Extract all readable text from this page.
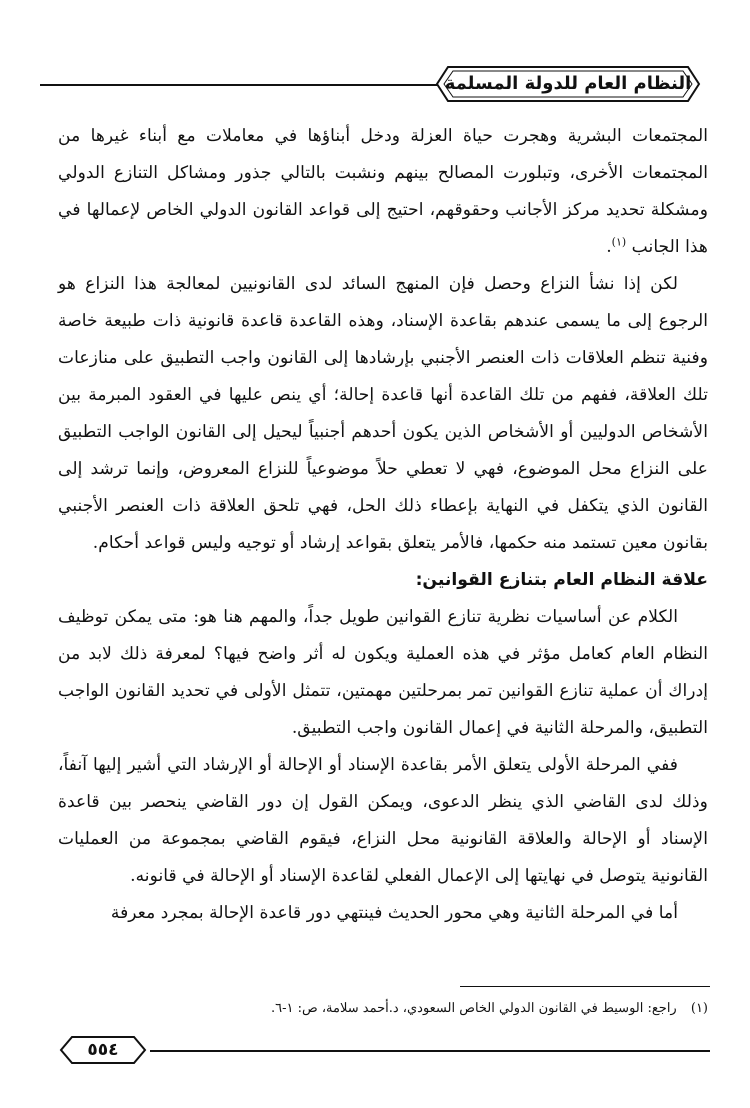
النظام العام للدولة المسلمة

المجتمعات البشرية وهجرت حياة العزلة ودخل أبناؤها في معاملات مع أبناء غيرها من المجتمعات الأخرى، وتبلورت المصالح بينهم ونشبت بالتالي جذور ومشاكل التنازع الدولي ومشكلة تحديد مركز الأجانب وحقوقهم، احتيج إلى قواعد القانون الدولي الخاص لإعمالها في هذا الجانب $^{(١)}$.

لكن إذا نشأ النزاع وحصل فإن المنهج السائد لدى القانونيين لمعالجة هذا النزاع هو الرجوع إلى ما يسمى عندهم بقاعدة الإسناد، وهذه القاعدة قاعدة قانونية ذات طبيعة خاصة وفنية تنظم العلاقات ذات العنصر الأجنبي بإرشادها إلى القانون واجب التطبيق على منازعات تلك العلاقة، ففهم من تلك القاعدة أنها قاعدة إحالة؛ أي ينص عليها في العقود المبرمة بين الأشخاص الدوليين أو الأشخاص الذين يكون أحدهم أجنبياً ليحيل إلى القانون الواجب التطبيق على النزاع محل الموضوع، فهي لا تعطي حلاً موضوعياً للنزاع المعروض، وإنما ترشد إلى القانون الذي يتكفل في النهاية بإعطاء ذلك الحل، فهي تلحق العلاقة ذات العنصر الأجنبي بقانون معين تستمد منه حكمها، فالأمر يتعلق بقواعد إرشاد أو توجيه وليس قواعد أحكام.

علاقة النظام العام بتنازع القوانين:

الكلام عن أساسيات نظرية تنازع القوانين طويل جداً، والمهم هنا هو: متى يمكن توظيف النظام العام كعامل مؤثر في هذه العملية ويكون له أثر واضح فيها؟ لمعرفة ذلك لابد من إدراك أن عملية تنازع القوانين تمر بمرحلتين مهمتين، تتمثل الأولى في تحديد القانون الواجب التطبيق، والمرحلة الثانية في إعمال القانون واجب التطبيق.

ففي المرحلة الأولى يتعلق الأمر بقاعدة الإسناد أو الإحالة أو الإرشاد التي أشير إليها آنفاً، وذلك لدى القاضي الذي ينظر الدعوى، ويمكن القول إن دور القاضي ينحصر بين قاعدة الإسناد أو الإحالة والعلاقة القانونية محل النزاع، فيقوم القاضي بمجموعة من العمليات القانونية يتوصل في نهايتها إلى الإعمال الفعلي لقاعدة الإسناد أو الإحالة في قانونه.

أما في المرحلة الثانية وهي محور الحديث فينتهي دور قاعدة الإحالة بمجرد معرفة

(١) راجع: الوسيط في القانون الدولي الخاص السعودي، د.أحمد سلامة، ص: ١-٦.
٥٥٤
